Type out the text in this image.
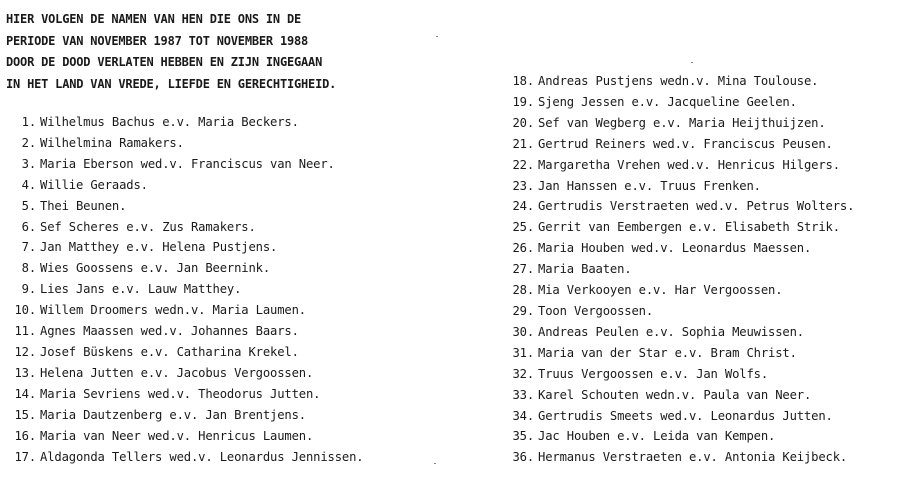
HIER VOLGEN DE NAMEN VAN HEN DIE ONS IN DE
PERIODE VAN NOVEMBER 1987 TOT NOVEMBER 1988
DOOR DE DOOD VERLATEN HEBBEN EN ZIJN INGEGAAN
IN HET LAND VAN VREDE, LIEFDE EN GERECHTIGHEID.
1. Wilhelmus Bachus e.v. Maria Beckers.
2. Wilhelmina Ramakers.
3. Maria Eberson wed.v. Franciscus van Neer.
4. Willie Geraads.
5. Thei Beunen.
6. Sef Scheres e.v. Zus Ramakers.
7. Jan Matthey e.v. Helena Pustjens.
8. Wies Goossens e.v. Jan Beernink.
9. Lies Jans e.v. Lauw Matthey.
10. Willem Droomers wedn.v. Maria Laumen.
11. Agnes Maassen wed.v. Johannes Baars.
12. Josef Büskens e.v. Catharina Krekel.
13. Helena Jutten e.v. Jacobus Vergoossen.
14. Maria Sevriens wed.v. Theodorus Jutten.
15. Maria Dautzenberg e.v. Jan Brentjens.
16. Maria van Neer wed.v. Henricus Laumen.
17. Aldagonda Tellers wed.v. Leonardus Jennissen.
18. Andreas Pustjens wedn.v. Mina Toulouse.
19. Sjeng Jessen e.v. Jacqueline Geelen.
20. Sef van Wegberg e.v. Maria Heijthuijzen.
21. Gertrud Reiners wed.v. Franciscus Peusen.
22. Margaretha Vrehen wed.v. Henricus Hilgers.
23. Jan Hanssen e.v. Truus Frenken.
24. Gertrudis Verstraeten wed.v. Petrus Wolters.
25. Gerrit van Eembergen e.v. Elisabeth Strik.
26. Maria Houben wed.v. Leonardus Maessen.
27. Maria Baaten.
28. Mia Verkooyen e.v. Har Vergoossen.
29. Toon Vergoossen.
30. Andreas Peulen e.v. Sophia Meuwissen.
31. Maria van der Star e.v. Bram Christ.
32. Truus Vergoossen e.v. Jan Wolfs.
33. Karel Schouten wedn.v. Paula van Neer.
34. Gertrudis Smeets wed.v. Leonardus Jutten.
35. Jac Houben e.v. Leida van Kempen.
36. Hermanus Verstraeten e.v. Antonia Keijbeck.
